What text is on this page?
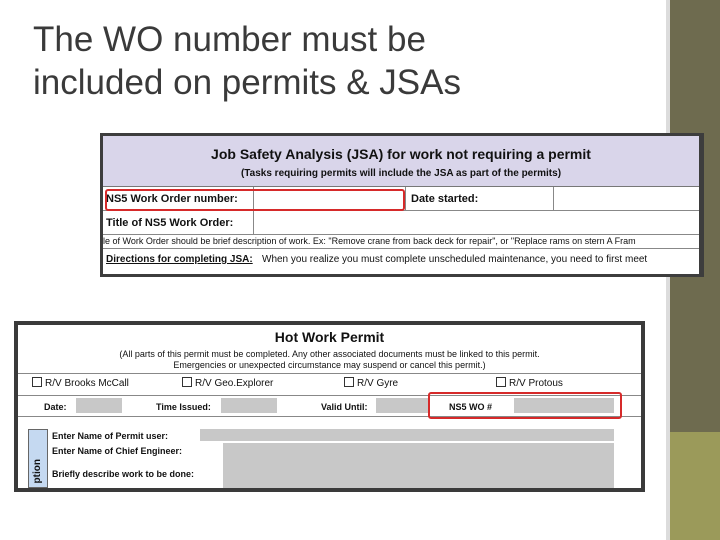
The WO number must be
included on permits & JSAs
Job Safety Analysis (JSA) for work not requiring a permit
(Tasks requiring permits will include the JSA as part of the permits)
NS5 Work Order number:	Date started:
Title of NS5 Work Order:
le of Work Order should be brief description of work. Ex: "Remove crane from back deck for repair", or "Replace rams on stern A Fram
Directions for completing JSA: When you realize you must complete unscheduled maintenance, you need to first meet
Hot Work Permit
(All parts of this permit must be completed. Any other associated documents must be linked to this permit.
Emergencies or unexpected circumstance may suspend or cancel this permit.)
R/V Brooks McCall	R/V Geo.Explorer	R/V Gyre	R/V Protous
Date:	Time Issued:	Valid Until:	NS5 WO #
ption
Enter Name of Permit user:
Enter Name of Chief Engineer:
Briefly describe work to be done:
